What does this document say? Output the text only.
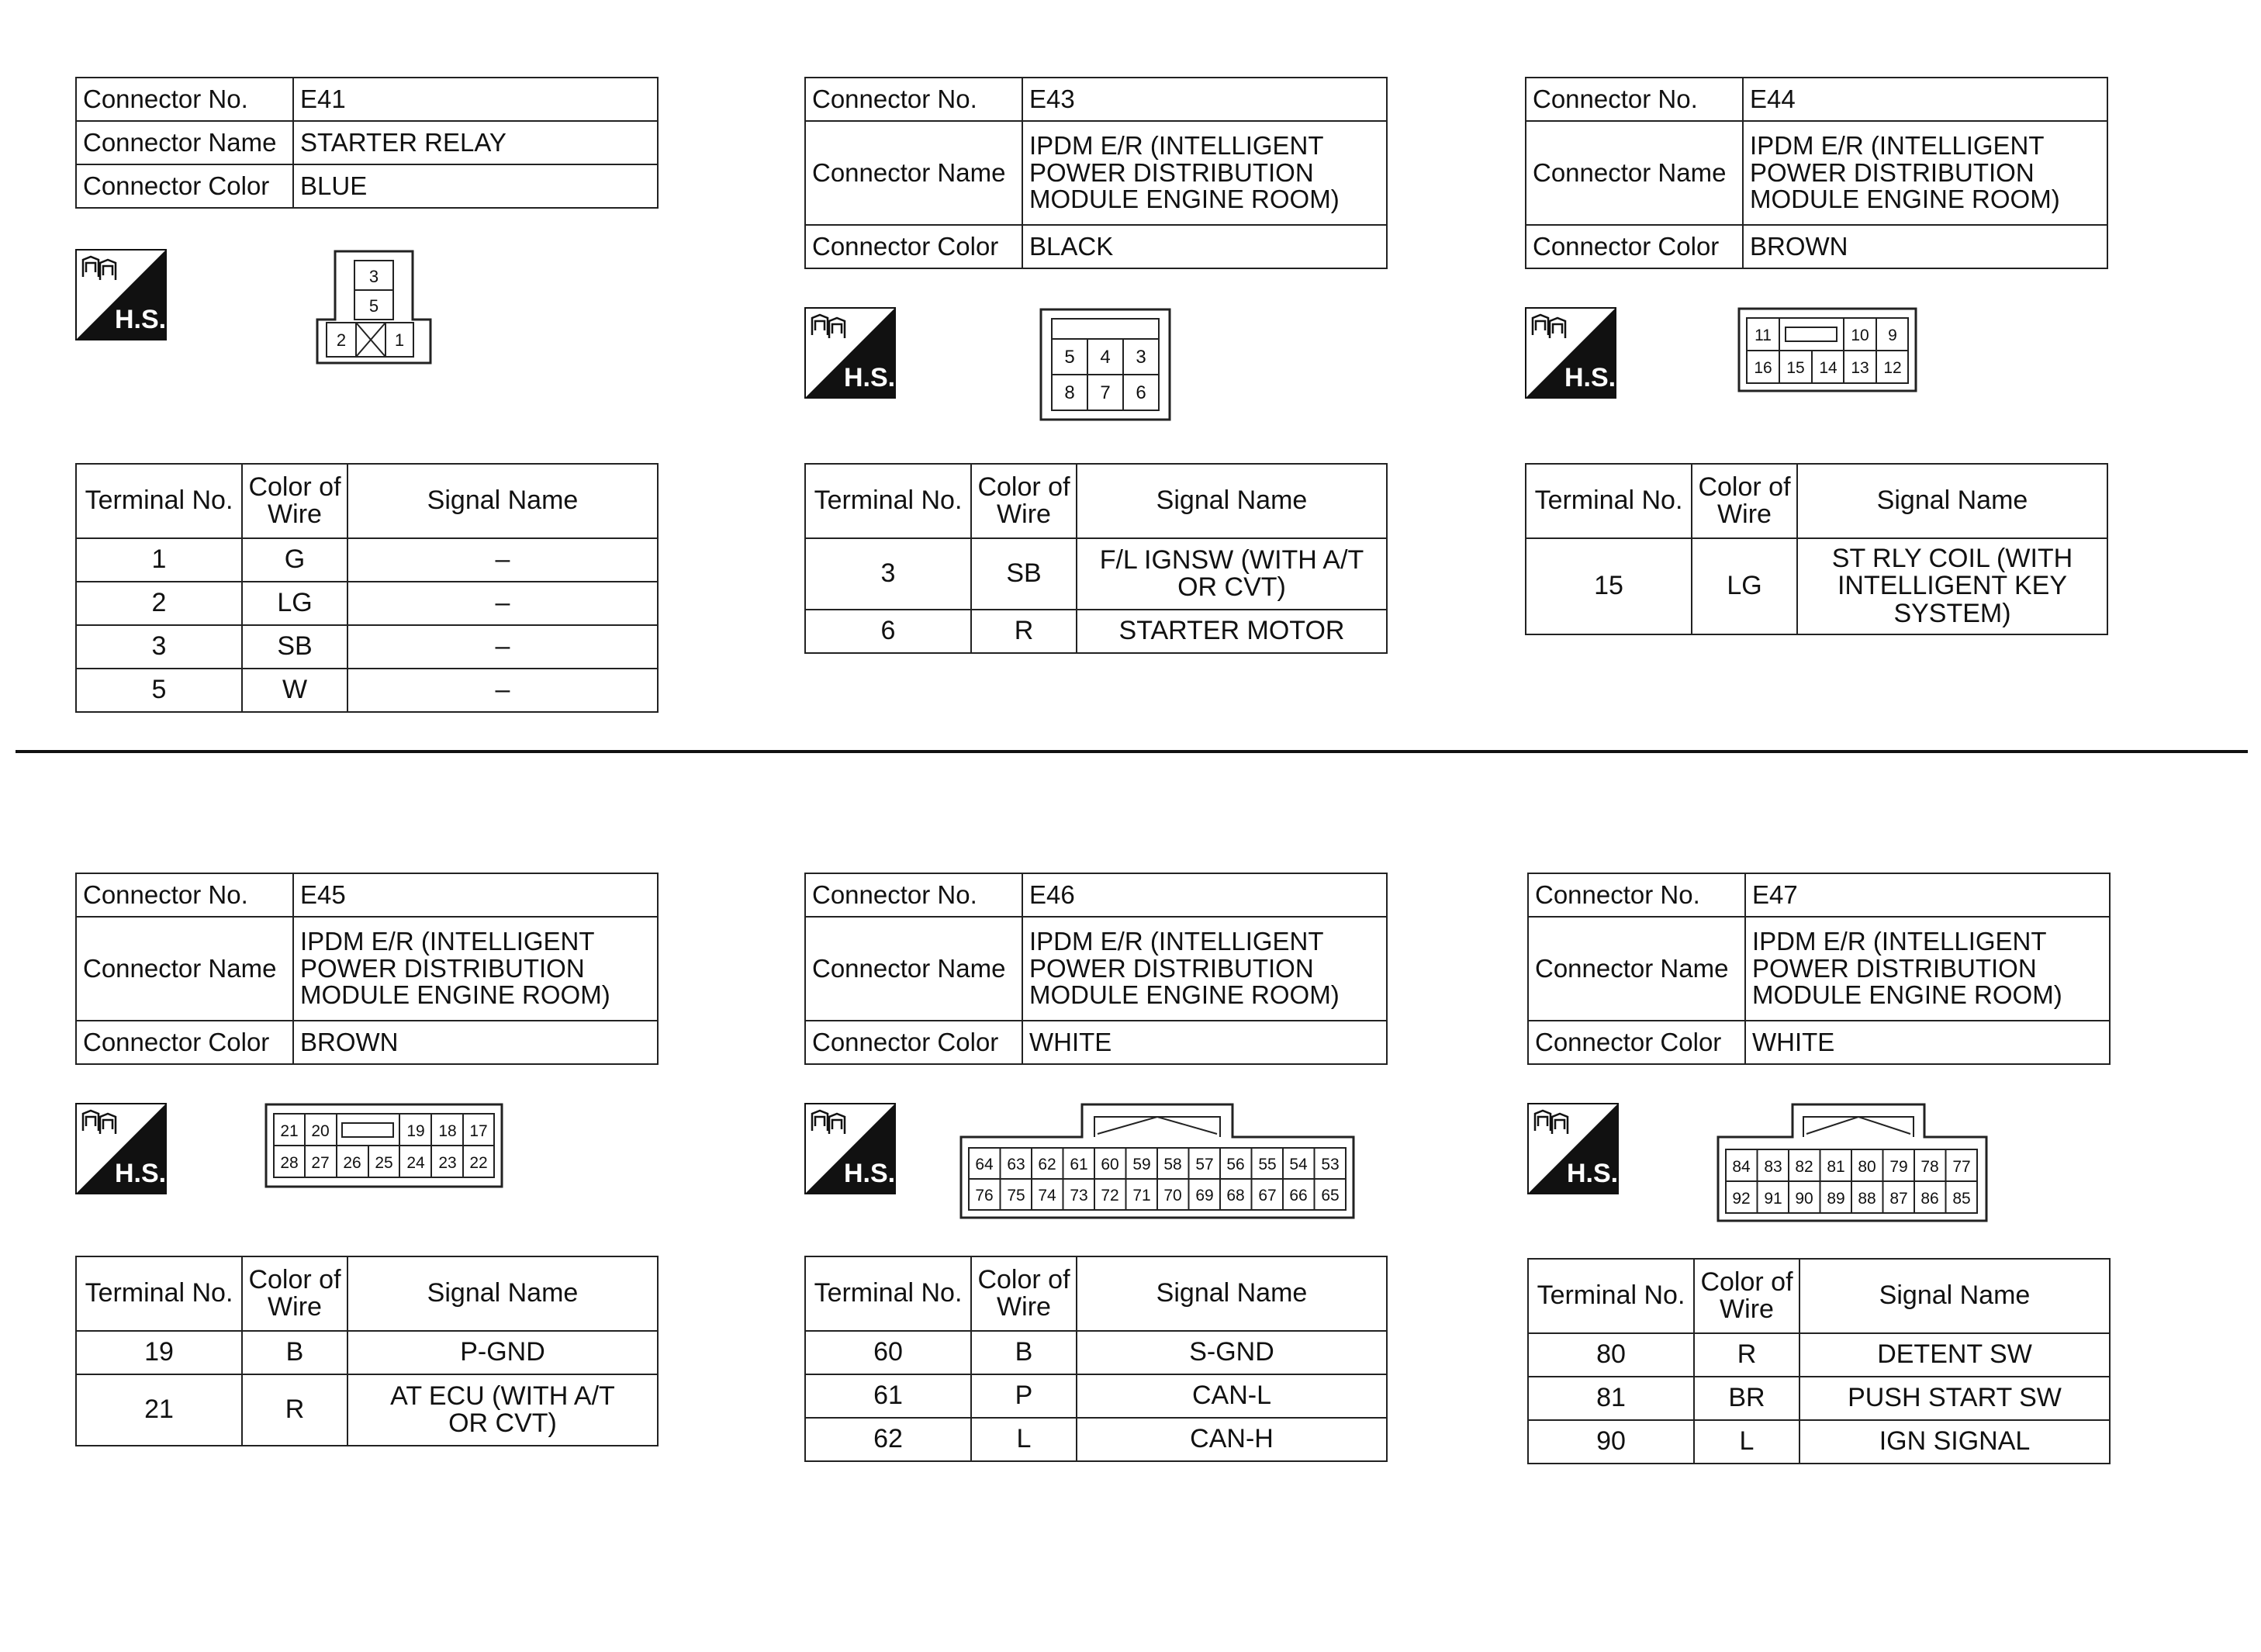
Connector No.	E41
Connector Name	STARTER RELAY
Connector Color	BLUE
3
5
2	1
Terminal No.	Color of Wire	Signal Name
1	G	–
2	LG	–
3	SB	–
5	W	–
Connector No.	E43
Connector Name	IPDM E/R (INTELLIGENT POWER DISTRIBUTION MODULE ENGINE ROOM)
Connector Color	BLACK
5 4 3
8 7 6
Terminal No.	Color of Wire	Signal Name
3	SB	F/L IGNSW (WITH A/T OR CVT)
6	R	STARTER MOTOR
Connector No.	E44
Connector Name	IPDM E/R (INTELLIGENT POWER DISTRIBUTION MODULE ENGINE ROOM)
Connector Color	BROWN
11	10 9
16 15 14 13 12
Terminal No.	Color of Wire	Signal Name
15	LG	ST RLY COIL (WITH INTELLIGENT KEY SYSTEM)
Connector No.	E45
Connector Name	IPDM E/R (INTELLIGENT POWER DISTRIBUTION MODULE ENGINE ROOM)
Connector Color	BROWN
21 20	19 18 17
28 27 26 25 24 23 22
Terminal No.	Color of Wire	Signal Name
19	B	P-GND
21	R	AT ECU (WITH A/T OR CVT)
Connector No.	E46
Connector Name	IPDM E/R (INTELLIGENT POWER DISTRIBUTION MODULE ENGINE ROOM)
Connector Color	WHITE
64 63 62 61 60 59 58 57 56 55 54 53
76 75 74 73 72 71 70 69 68 67 66 65
Terminal No.	Color of Wire	Signal Name
60	B	S-GND
61	P	CAN-L
62	L	CAN-H
Connector No.	E47
Connector Name	IPDM E/R (INTELLIGENT POWER DISTRIBUTION MODULE ENGINE ROOM)
Connector Color	WHITE
84 83 82 81 80 79 78 77
92 91 90 89 88 87 86 85
Terminal No.	Color of Wire	Signal Name
80	R	DETENT SW
81	BR	PUSH START SW
90	L	IGN SIGNAL
